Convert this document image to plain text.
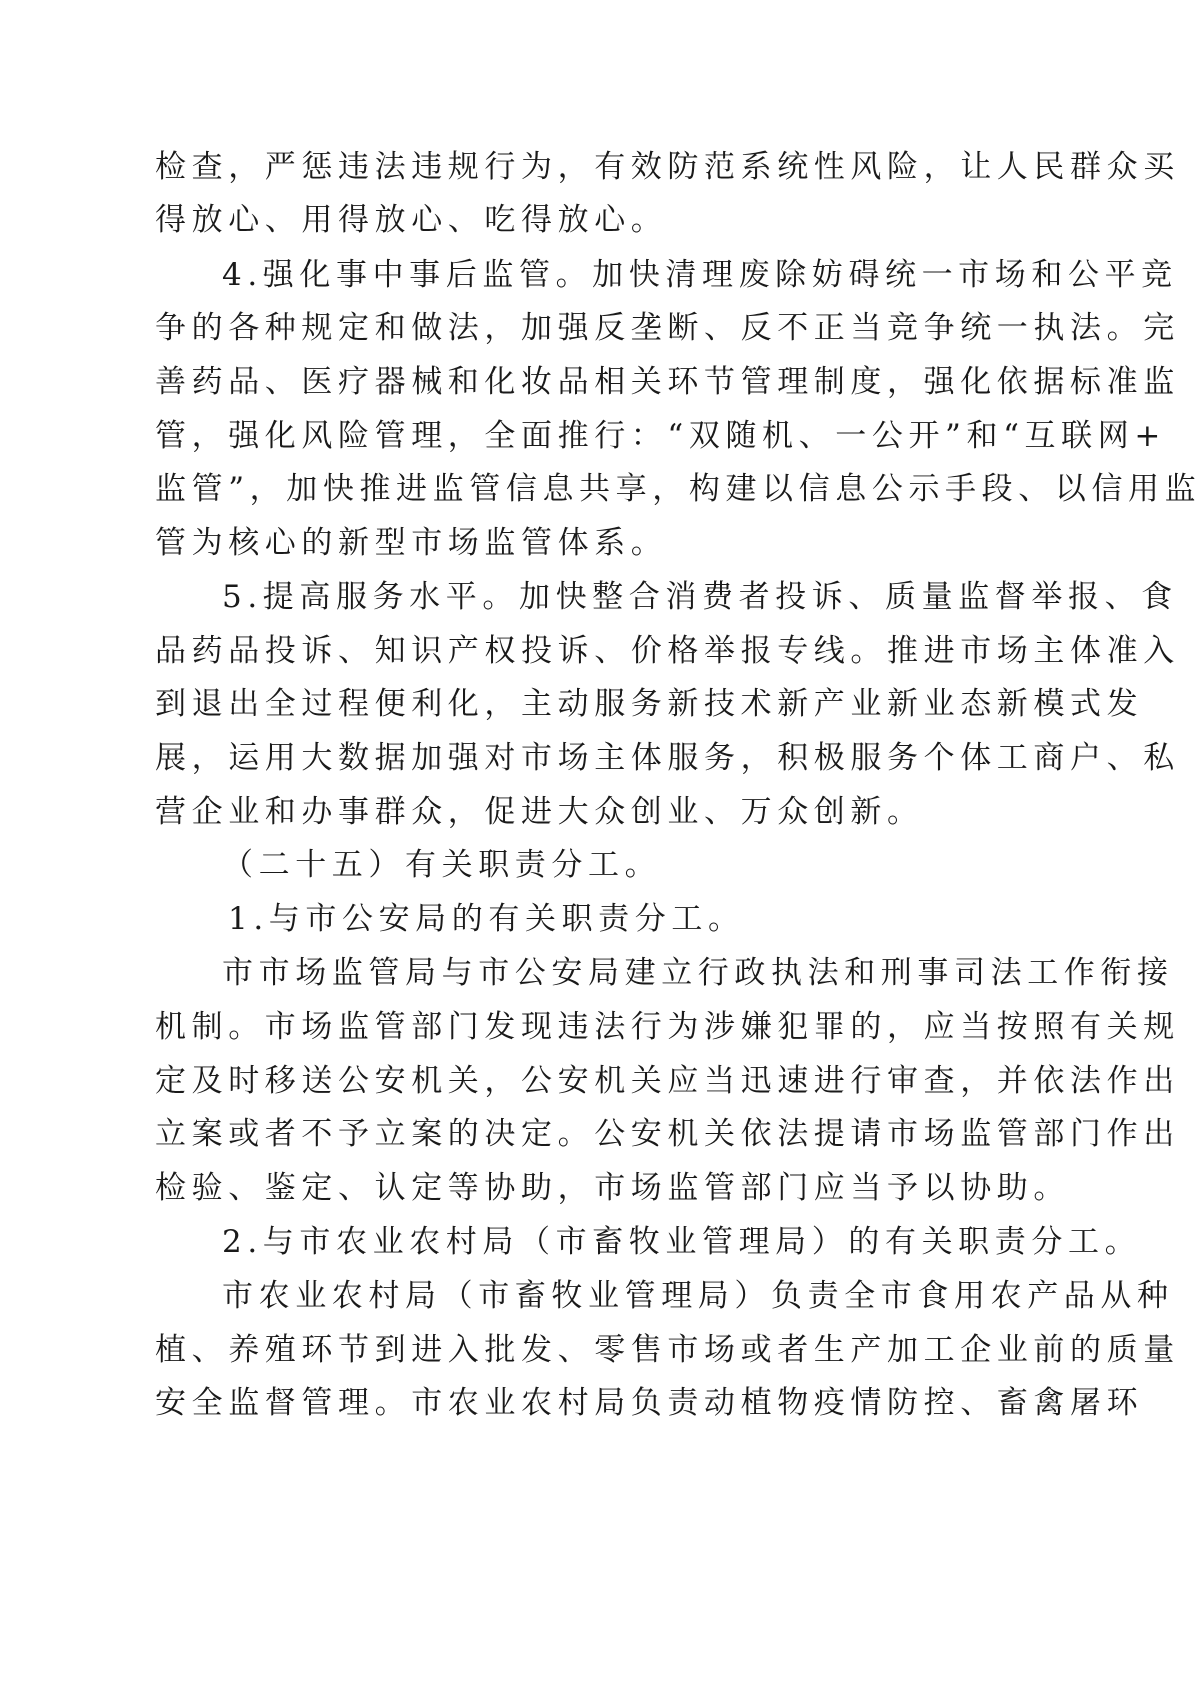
检查，严惩违法违规行为，有效防范系统性风险，让人民群众买
得放心、用得放心、吃得放心。
4.强化事中事后监管。加快清理废除妨碍统一市场和公平竞
争的各种规定和做法，加强反垄断、反不正当竞争统一执法。完
善药品、医疗器械和化妆品相关环节管理制度，强化依据标准监
管，强化风险管理，全面推行：“双随机、一公开”和“互联网+
监管”，加快推进监管信息共享，构建以信息公示手段、以信用监
管为核心的新型市场监管体系。
5.提高服务水平。加快整合消费者投诉、质量监督举报、食
品药品投诉、知识产权投诉、价格举报专线。推进市场主体准入
到退出全过程便利化，主动服务新技术新产业新业态新模式发
展，运用大数据加强对市场主体服务，积极服务个体工商户、私
营企业和办事群众，促进大众创业、万众创新。
（二十五）有关职责分工。
1.与市公安局的有关职责分工。
市市场监管局与市公安局建立行政执法和刑事司法工作衔接
机制。市场监管部门发现违法行为涉嫌犯罪的，应当按照有关规
定及时移送公安机关，公安机关应当迅速进行审查，并依法作出
立案或者不予立案的决定。公安机关依法提请市场监管部门作出
检验、鉴定、认定等协助，市场监管部门应当予以协助。
2.与市农业农村局（市畜牧业管理局）的有关职责分工。
市农业农村局（市畜牧业管理局）负责全市食用农产品从种
植、养殖环节到进入批发、零售市场或者生产加工企业前的质量
安全监督管理。市农业农村局负责动植物疫情防控、畜禽屠环
